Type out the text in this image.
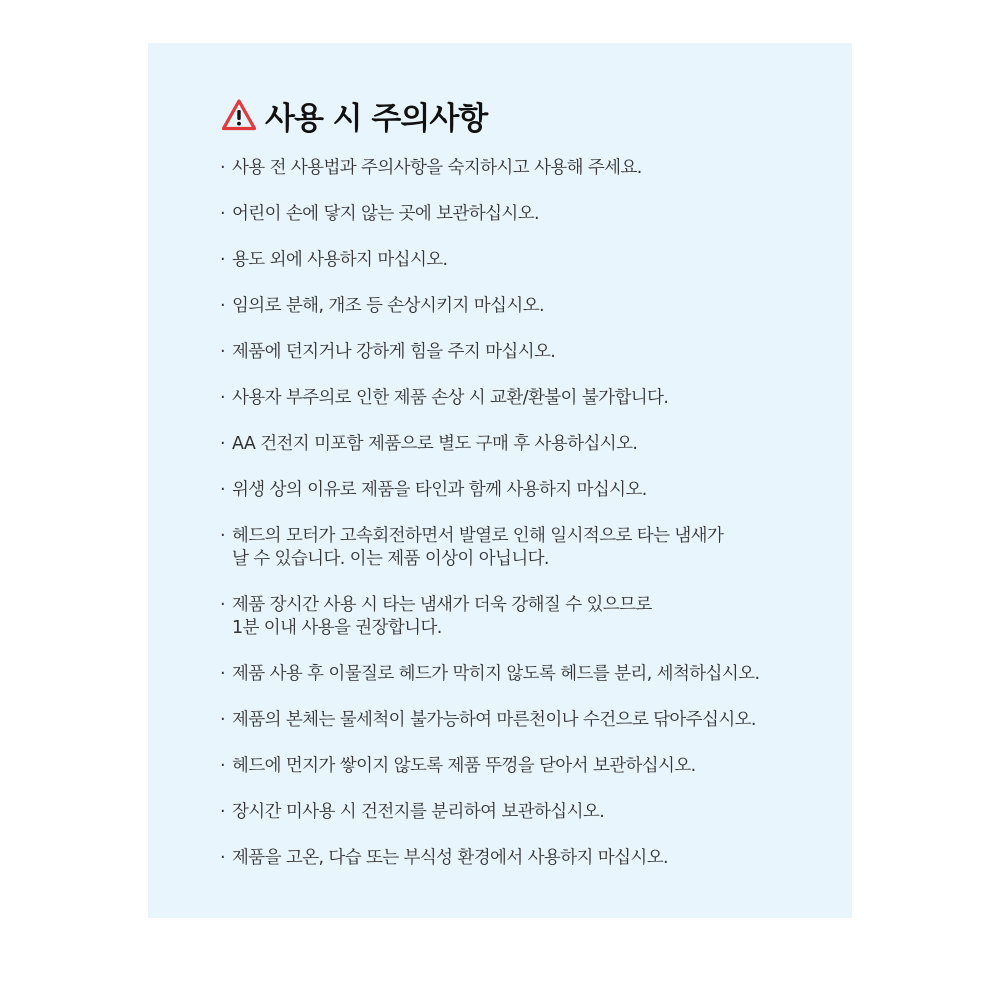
사용 시 주의사항
· 사용 전 사용법과 주의사항을 숙지하시고 사용해 주세요.
· 어린이 손에 닿지 않는 곳에 보관하십시오.
· 용도 외에 사용하지 마십시오.
· 임의로 분해, 개조 등 손상시키지 마십시오.
· 제품에 던지거나 강하게 힘을 주지 마십시오.
· 사용자 부주의로 인한 제품 손상 시 교환/환불이 불가합니다.
· AA 건전지 미포함 제품으로 별도 구매 후 사용하십시오.
· 위생 상의 이유로 제품을 타인과 함께 사용하지 마십시오.
· 헤드의 모터가 고속회전하면서 발열로 인해 일시적으로 타는 냄새가
날 수 있습니다. 이는 제품 이상이 아닙니다.
· 제품 장시간 사용 시 타는 냄새가 더욱 강해질 수 있으므로
1분 이내 사용을 권장합니다.
· 제품 사용 후 이물질로 헤드가 막히지 않도록 헤드를 분리, 세척하십시오.
· 제품의 본체는 물세척이 불가능하여 마른천이나 수건으로 닦아주십시오.
· 헤드에 먼지가 쌓이지 않도록 제품 뚜껑을 닫아서 보관하십시오.
· 장시간 미사용 시 건전지를 분리하여 보관하십시오.
· 제품을 고온, 다습 또는 부식성 환경에서 사용하지 마십시오.
